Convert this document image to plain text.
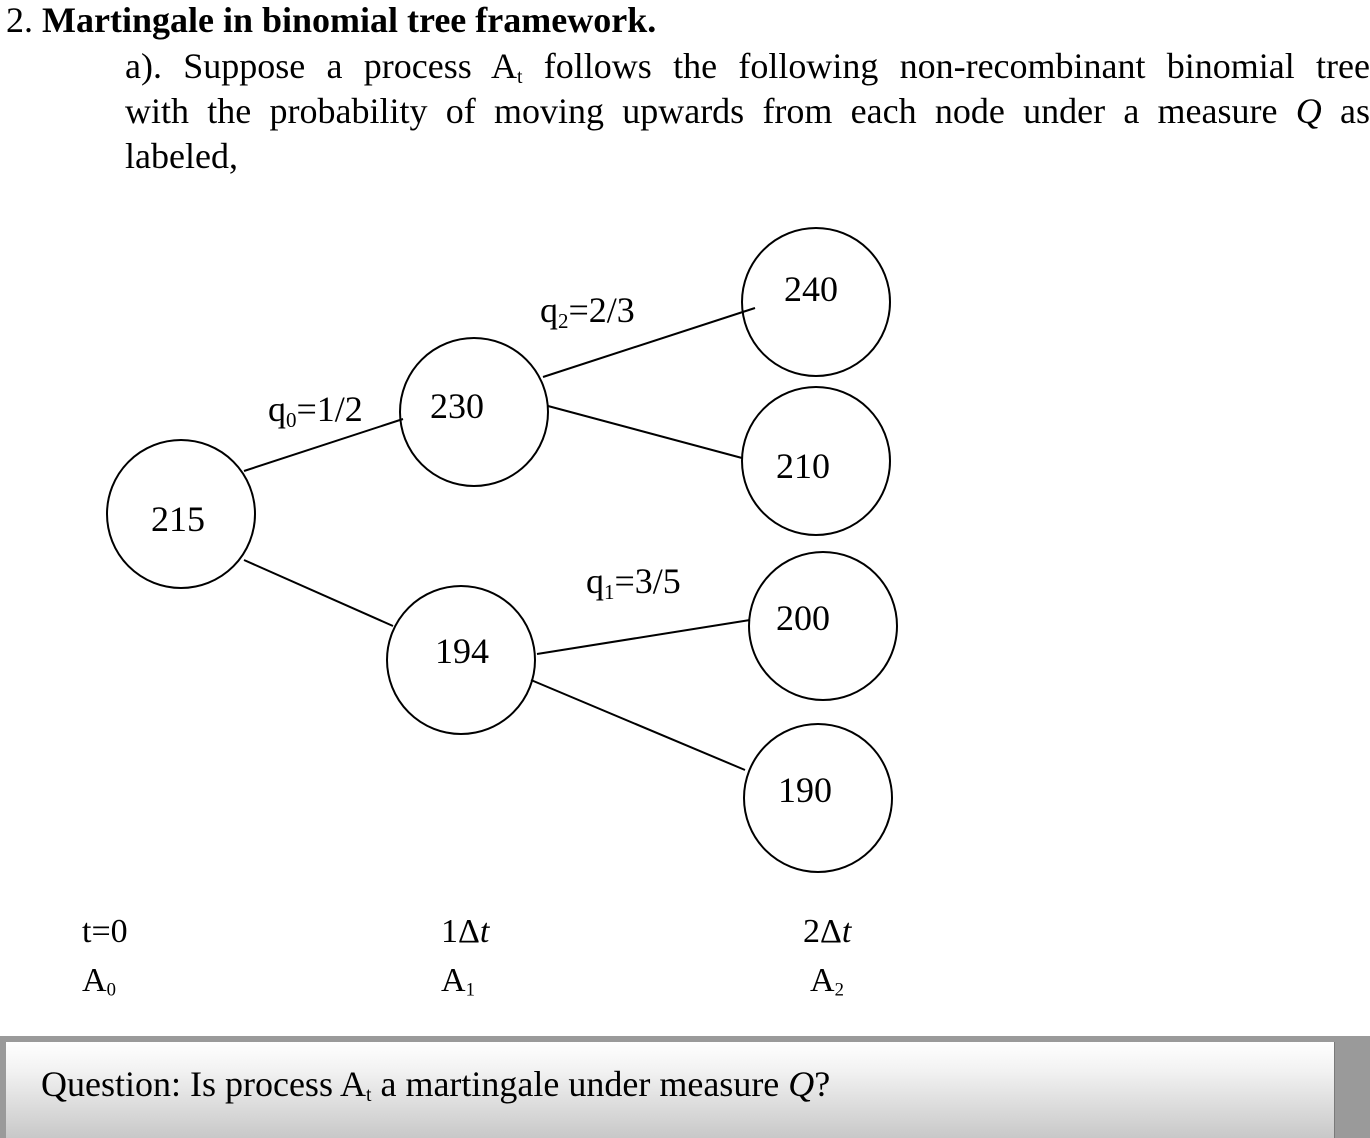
2. Martingale in binomial tree framework.
a). Suppose a process $A_t$ follows the following non-recombinant binomial tree
with the probability of moving upwards from each node under a measure Q as
labeled,
215
230
194
240
210
200
190
q0=1/2
q2=2/3
q1=3/5
t=0
$A_0$
1Δt
$A_1$
2Δt
$A_2$
Question: Is process $A_t$ a martingale under measure Q?
